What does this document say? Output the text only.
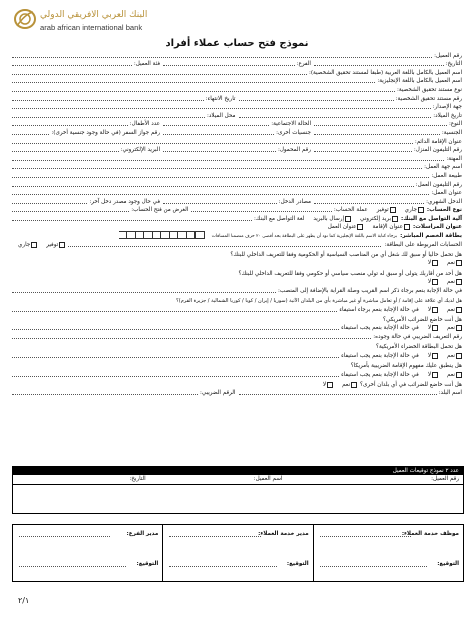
البنك العربي الافريقي الدولي
arab african international bank
نموذج فتح حساب عملاء أفراد
رقم العميل:
التاريخ:
الفرع:
فئة العميل:
اسم العميل بالكامل باللغة العربية (طبقا لمستند تحقيق الشخصية):
اسم العميل بالكامل باللغة الإنجليزية:
نوع مستند تحقيق الشخصية:
رقم مستند تحقيق الشخصية:
تاريخ الانتهاء:
جهة الإصدار:
تاريخ الميلاد:
محل الميلاد:
النوع:
الحالة الاجتماعية:
عدد الأطفال:
الجنسية:
جنسيات أخرى:
رقم جواز السفر (في حالة وجود جنسية أخرى):
عنوان الإقامة الدائم:
رقم التليفون المنزل:
رقم المحمول:
البريد الإلكتروني:
المهنة:
اسم جهة العمل:
طبيعة العمل:
رقم التليفون العمل:
عنوان العمل:
الدخل الشهري:
مصادر الدخل:
في حال وجود مصدر دخل آخر:
نوع الحساب:
جاري
توفير
عملة الحساب:
الغرض من فتح الحساب:
آلية التواصل مع البنك:
بريد إلكتروني
إرسال بالبريد
لغة التواصل مع البنك:
عنوان المراسلات:
عنوان الإقامة
عنوان العمل
بطاقة الخصم المباشر:
برجاء كتابة الاسم باللغة الإنجليزية كما تود أن يظهر على البطاقة بحد أقصى ٢٠ حرف متضمنا المسافات
الحسابات المربوطة على البطاقة:
توفير
جاري
هل تحمل حاليا أو سبق لك شغل أي من المناصب السياسية أو الحكومية وفقا للتعريف الداخلي للبنك؟
نعم
لا
هل أحد من أقاربك يتولى أو سبق له تولي منصب سياسي أو حكومي وفقا للتعريف الداخلي للبنك؟
نعم
لا
في حالة الإجابة بنعم برجاء ذكر اسم القريب وصلة القرابة بالإضافة إلى المنصب:
هل لديك أي علاقة على إقامة / أو تعامل مباشرة أو غير مباشرة بأي من البلدان الآتية (سوريا / إيران / كوبا / كوريا الشمالية / جزيرة القرم)؟
نعم
لا
في حالة الإجابة بنعم برجاء استيفاء
هل أنت خاضع للضرائب الأمريكي؟
نعم
لا
في حالة الإجابة بنعم يجب استيفاء
رقم التعريف الضريبي في حالة وجوده:
هل تحمل البطاقة الخضراء الأمريكية؟
نعم
لا
في حالة الإجابة بنعم يجب استيفاء
هل ينطبق عليك مفهوم الإقامة الضريبية بأمريكا؟
نعم
لا
في حالة الإجابة بنعم يجب استيفاء
هل أنت خاضع للضرائب في أي بلدان أخرى؟
نعم
لا
اسم البلد:
الرقم الضريبي:
عدد ٢ نموذج توقيعات العميل
رقم العميل:
اسم العميل:
التاريخ:
موظف خدمة العملاء:
التوقيع:
مدير خدمة العملاء:
التوقيع:
مدير الفرع:
التوقيع:
٢/١
